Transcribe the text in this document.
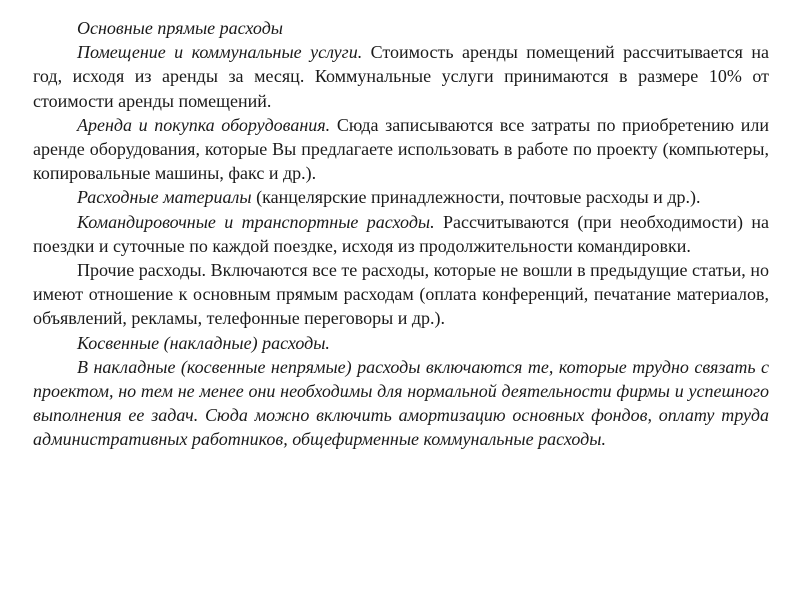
Основные прямые расходы

Помещение и коммунальные услуги. Стоимость аренды помещений рассчитывается на год, исходя из аренды за месяц. Коммунальные услуги принимаются в размере 10% от стоимости аренды помещений.

Аренда и покупка оборудования. Сюда записываются все затраты по приобретению или аренде оборудования, которые Вы предлагаете использовать в работе по проекту (компьютеры, копировальные машины, факс и др.).

Расходные материалы (канцелярские принадлежности, почтовые расходы и др.).

Командировочные и транспортные расходы. Рассчитываются (при необходимости) на поездки и суточные по каждой поездке, исходя из продолжительности командировки.

Прочие расходы. Включаются все те расходы, которые не вошли в предыдущие статьи, но имеют отношение к основным прямым расходам (оплата конференций, печатание материалов, объявлений, рекламы, телефонные переговоры и др.).

Косвенные (накладные) расходы.

В накладные (косвенные непрямые) расходы включаются те, которые трудно связать с проектом, но тем не менее они необходимы для нормальной деятельности фирмы и успешного выполнения ее задач. Сюда можно включить амортизацию основных фондов, оплату труда административных работников, общефирменные коммунальные расходы.
